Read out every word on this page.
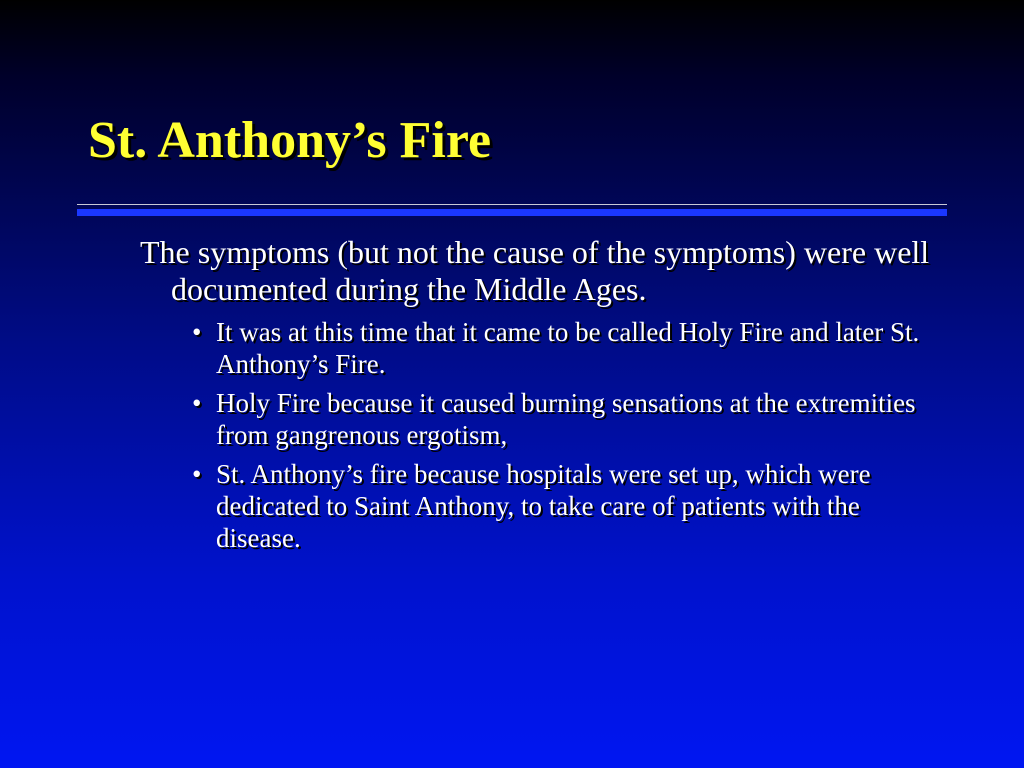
St. Anthony’s Fire

The symptoms (but not the cause of the symptoms) were well documented during the Middle Ages.

• It was at this time that it came to be called Holy Fire and later St. Anthony’s Fire.
• Holy Fire because it caused burning sensations at the extremities from gangrenous ergotism,
• St. Anthony’s fire because hospitals were set up, which were dedicated to Saint Anthony, to take care of patients with the disease.
